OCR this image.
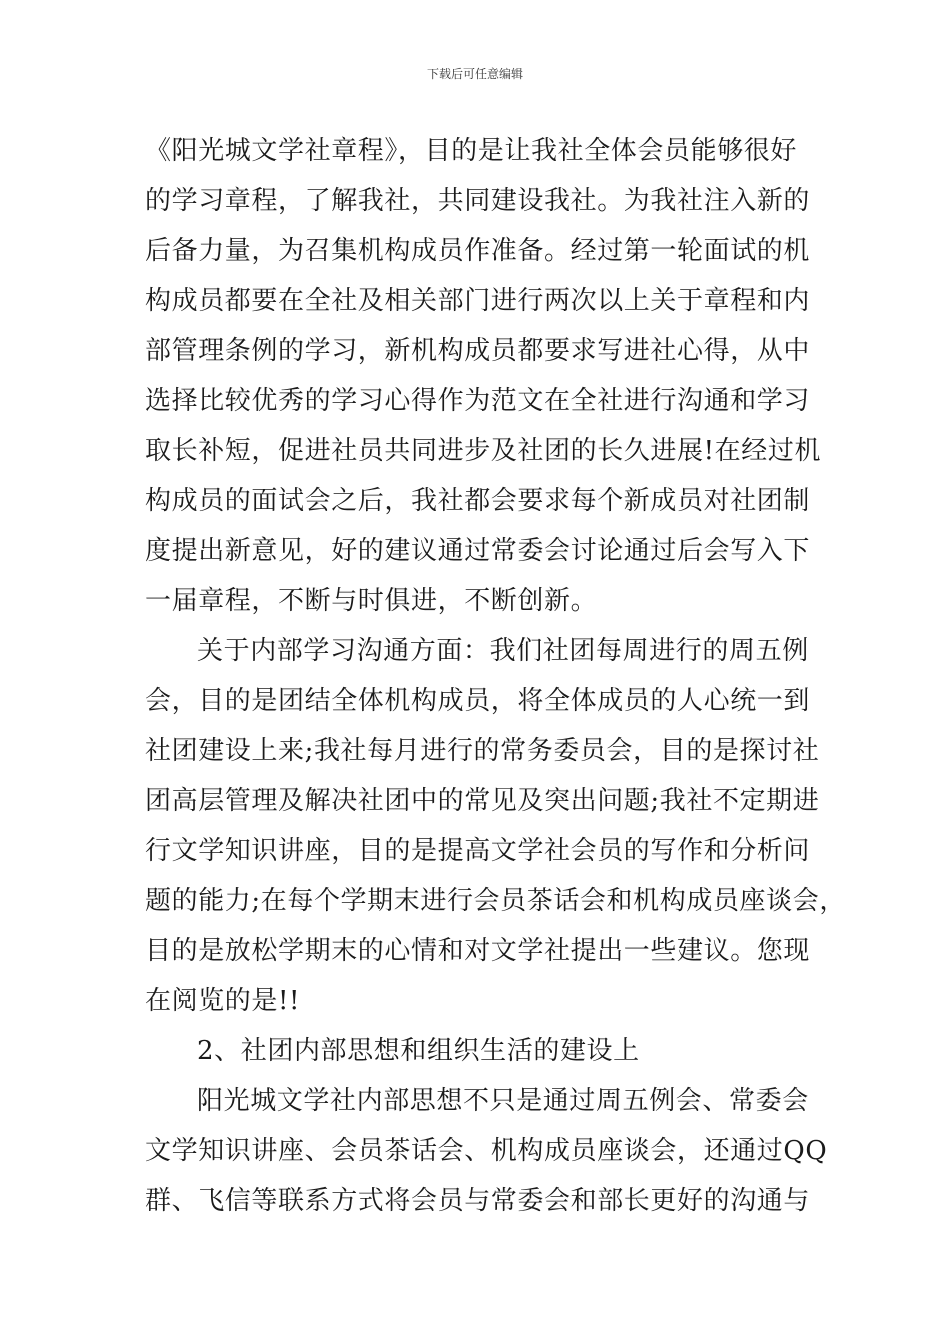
下载后可任意编辑
《阳光城文学社章程》，目的是让我社全体会员能够很好
的学习章程，了解我社，共同建设我社。为我社注入新的
后备力量，为召集机构成员作准备。经过第一轮面试的机
构成员都要在全社及相关部门进行两次以上关于章程和内
部管理条例的学习，新机构成员都要求写进社心得，从中
选择比较优秀的学习心得作为范文在全社进行沟通和学习
取长补短，促进社员共同进步及社团的长久进展!在经过机
构成员的面试会之后，我社都会要求每个新成员对社团制
度提出新意见，好的建议通过常委会讨论通过后会写入下
一届章程，不断与时俱进，不断创新。
关于内部学习沟通方面：我们社团每周进行的周五例
会，目的是团结全体机构成员，将全体成员的人心统一到
社团建设上来;我社每月进行的常务委员会，目的是探讨社
团高层管理及解决社团中的常见及突出问题;我社不定期进
行文学知识讲座，目的是提高文学社会员的写作和分析问
题的能力;在每个学期末进行会员茶话会和机构成员座谈会，
目的是放松学期末的心情和对文学社提出一些建议。您现
在阅览的是!!
2、社团内部思想和组织生活的建设上
阳光城文学社内部思想不只是通过周五例会、常委会
文学知识讲座、会员茶话会、机构成员座谈会，还通过QQ
群、飞信等联系方式将会员与常委会和部长更好的沟通与
